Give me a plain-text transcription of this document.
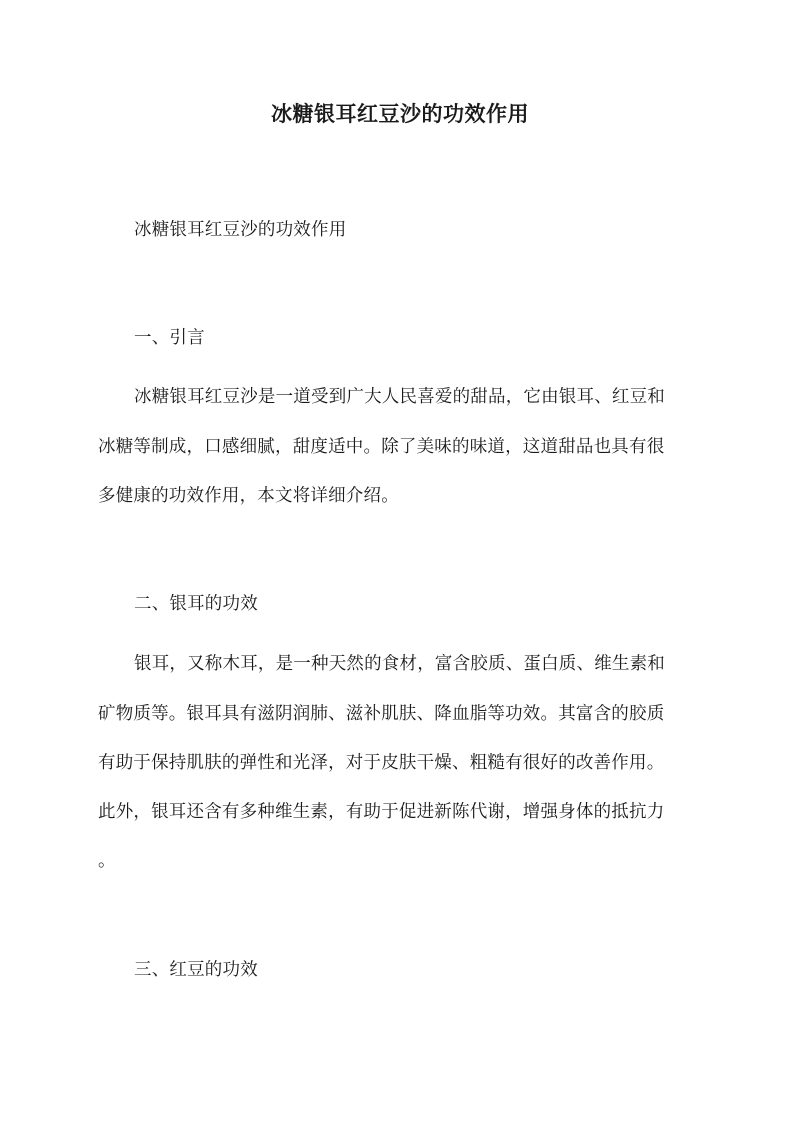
冰糖银耳红豆沙的功效作用
冰糖银耳红豆沙的功效作用
一、引言
冰糖银耳红豆沙是一道受到广大人民喜爱的甜品，它由银耳、红豆和
冰糖等制成，口感细腻，甜度适中。除了美味的味道，这道甜品也具有很
多健康的功效作用，本文将详细介绍。
二、银耳的功效
银耳，又称木耳，是一种天然的食材，富含胶质、蛋白质、维生素和
矿物质等。银耳具有滋阴润肺、滋补肌肤、降血脂等功效。其富含的胶质
有助于保持肌肤的弹性和光泽，对于皮肤干燥、粗糙有很好的改善作用。
此外，银耳还含有多种维生素，有助于促进新陈代谢，增强身体的抵抗力
。
三、红豆的功效
